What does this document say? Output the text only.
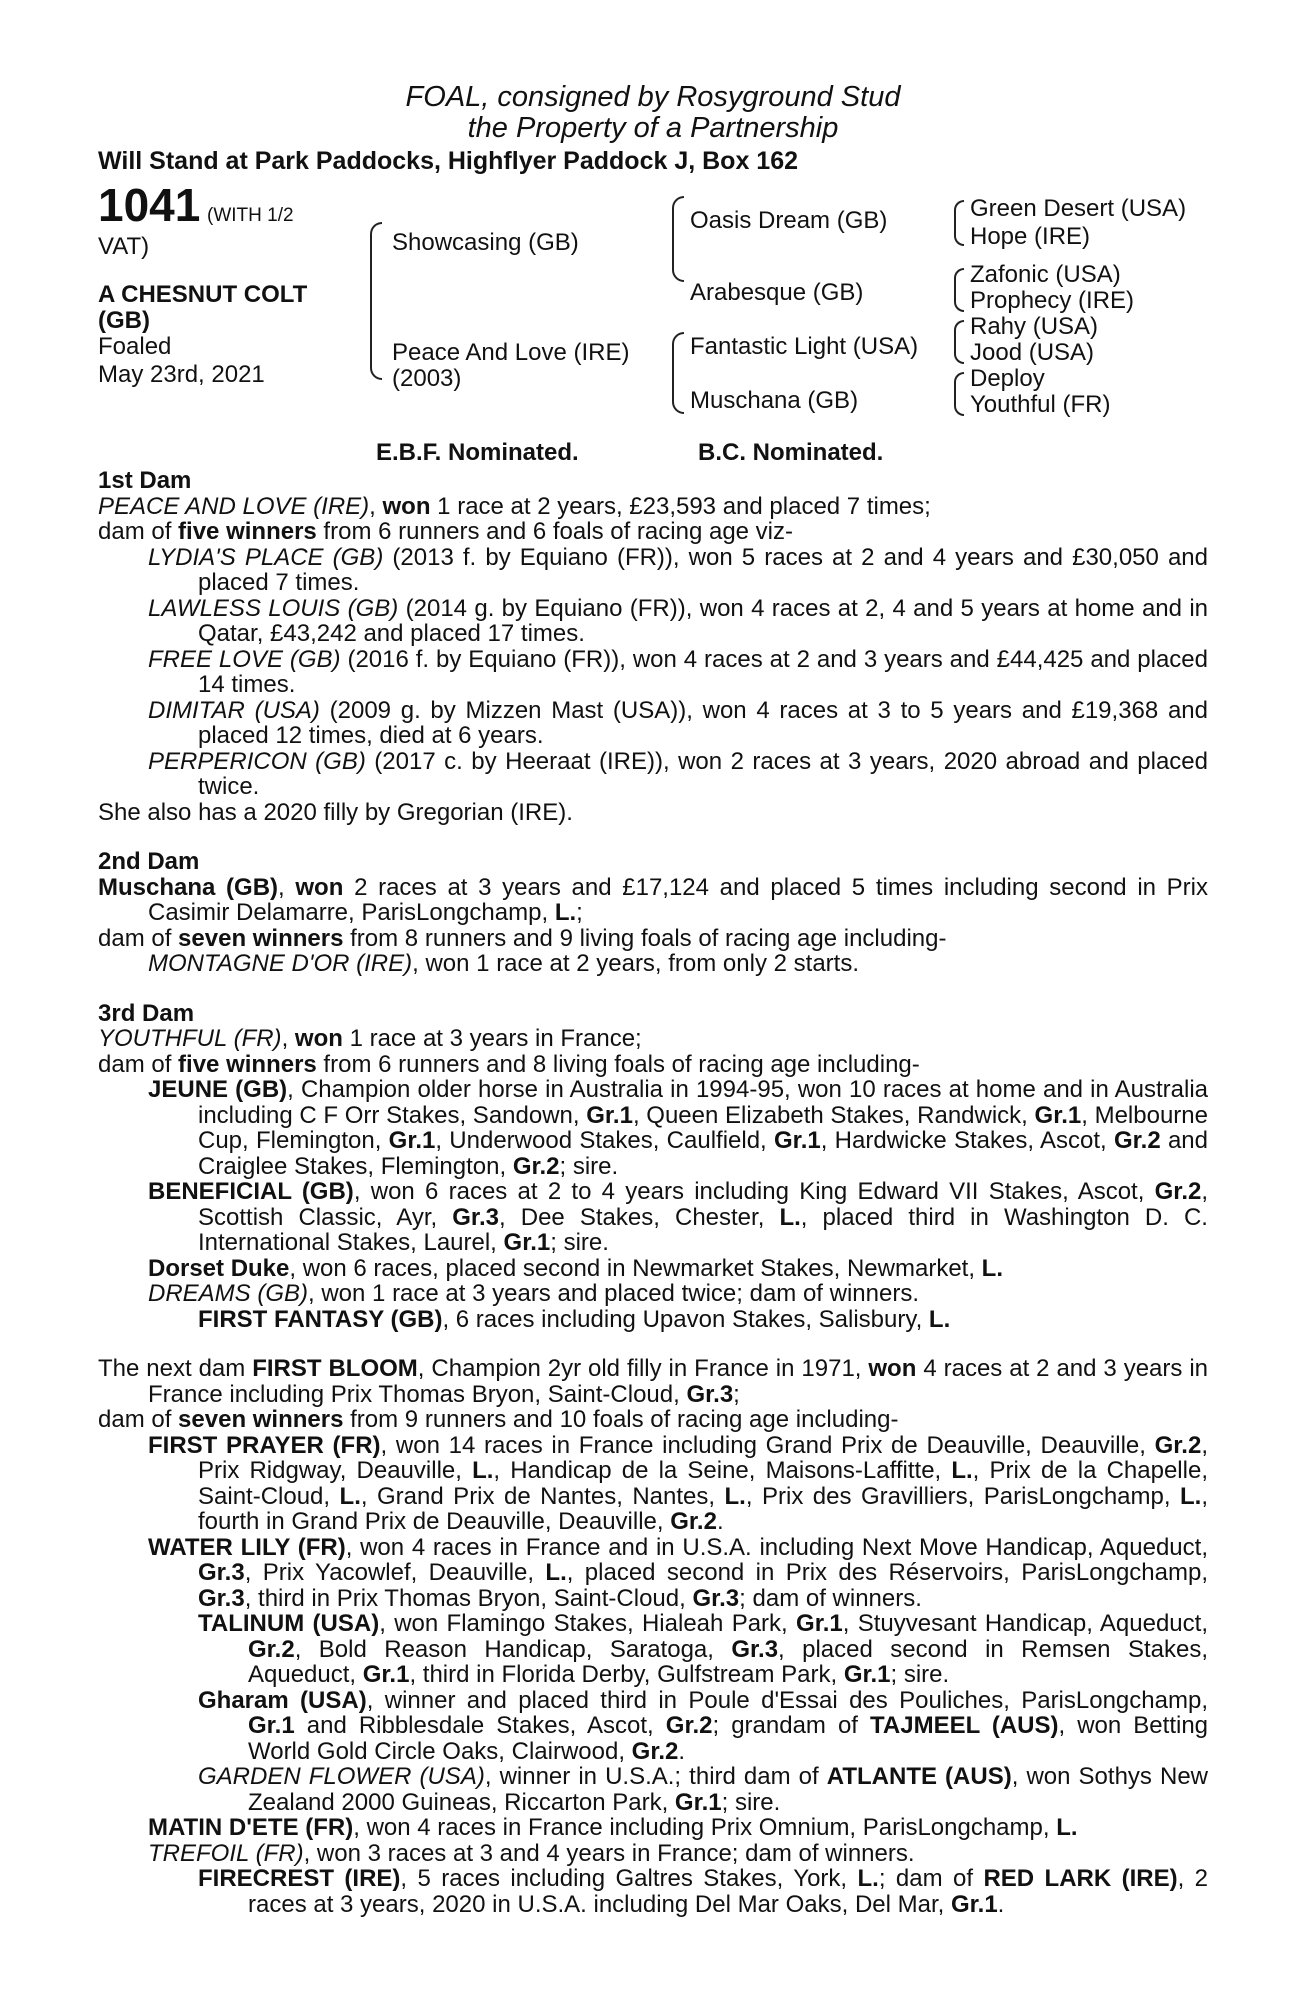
FOAL, consigned by Rosyground Stud
the Property of a Partnership
Will Stand at Park Paddocks, Highflyer Paddock J, Box 162
1041 (WITH 1/2
VAT)
A CHESNUT COLT
(GB)
Foaled
May 23rd, 2021
Showcasing (GB)
Peace And Love (IRE)
(2003)
Oasis Dream (GB)
Arabesque (GB)
Fantastic Light (USA)
Muschana (GB)
Green Desert (USA)
Hope (IRE)
Zafonic (USA)
Prophecy (IRE)
Rahy (USA)
Jood (USA)
Deploy
Youthful (FR)
E.B.F. Nominated.	B.C. Nominated.
1st Dam

PEACE AND LOVE (IRE), won 1 race at 2 years, £23,593 and placed 7 times;

dam of five winners from 6 runners and 6 foals of racing age viz-

LYDIA'S PLACE (GB) (2013 f. by Equiano (FR)), won 5 races at 2 and 4 years and £30,050 and placed 7 times.

LAWLESS LOUIS (GB) (2014 g. by Equiano (FR)), won 4 races at 2, 4 and 5 years at home and in Qatar, £43,242 and placed 17 times.

FREE LOVE (GB) (2016 f. by Equiano (FR)), won 4 races at 2 and 3 years and £44,425 and placed 14 times.

DIMITAR (USA) (2009 g. by Mizzen Mast (USA)), won 4 races at 3 to 5 years and £19,368 and placed 12 times, died at 6 years.

PERPERICON (GB) (2017 c. by Heeraat (IRE)), won 2 races at 3 years, 2020 abroad and placed twice.

She also has a 2020 filly by Gregorian (IRE).

2nd Dam

Muschana (GB), won 2 races at 3 years and £17,124 and placed 5 times including second in Prix Casimir Delamarre, ParisLongchamp, L.;

dam of seven winners from 8 runners and 9 living foals of racing age including-

MONTAGNE D'OR (IRE), won 1 race at 2 years, from only 2 starts.

3rd Dam

YOUTHFUL (FR), won 1 race at 3 years in France;

dam of five winners from 6 runners and 8 living foals of racing age including-

JEUNE (GB), Champion older horse in Australia in 1994-95, won 10 races at home and in Australia including C F Orr Stakes, Sandown, Gr.1, Queen Elizabeth Stakes, Randwick, Gr.1, Melbourne Cup, Flemington, Gr.1, Underwood Stakes, Caulfield, Gr.1, Hardwicke Stakes, Ascot, Gr.2 and Craiglee Stakes, Flemington, Gr.2; sire.

BENEFICIAL (GB), won 6 races at 2 to 4 years including King Edward VII Stakes, Ascot, Gr.2, Scottish Classic, Ayr, Gr.3, Dee Stakes, Chester, L., placed third in Washington D. C. International Stakes, Laurel, Gr.1; sire.

Dorset Duke, won 6 races, placed second in Newmarket Stakes, Newmarket, L.

DREAMS (GB), won 1 race at 3 years and placed twice; dam of winners.

FIRST FANTASY (GB), 6 races including Upavon Stakes, Salisbury, L.

The next dam FIRST BLOOM, Champion 2yr old filly in France in 1971, won 4 races at 2 and 3 years in France including Prix Thomas Bryon, Saint-Cloud, Gr.3;

dam of seven winners from 9 runners and 10 foals of racing age including-

FIRST PRAYER (FR), won 14 races in France including Grand Prix de Deauville, Deauville, Gr.2, Prix Ridgway, Deauville, L., Handicap de la Seine, Maisons-Laffitte, L., Prix de la Chapelle, Saint-Cloud, L., Grand Prix de Nantes, Nantes, L., Prix des Gravilliers, ParisLongchamp, L., fourth in Grand Prix de Deauville, Deauville, Gr.2.

WATER LILY (FR), won 4 races in France and in U.S.A. including Next Move Handicap, Aqueduct, Gr.3, Prix Yacowlef, Deauville, L., placed second in Prix des Réservoirs, ParisLongchamp, Gr.3, third in Prix Thomas Bryon, Saint-Cloud, Gr.3; dam of winners.

TALINUM (USA), won Flamingo Stakes, Hialeah Park, Gr.1, Stuyvesant Handicap, Aqueduct, Gr.2, Bold Reason Handicap, Saratoga, Gr.3, placed second in Remsen Stakes, Aqueduct, Gr.1, third in Florida Derby, Gulfstream Park, Gr.1; sire.

Gharam (USA), winner and placed third in Poule d'Essai des Pouliches, ParisLongchamp, Gr.1 and Ribblesdale Stakes, Ascot, Gr.2; grandam of TAJMEEL (AUS), won Betting World Gold Circle Oaks, Clairwood, Gr.2.

GARDEN FLOWER (USA), winner in U.S.A.; third dam of ATLANTE (AUS), won Sothys New Zealand 2000 Guineas, Riccarton Park, Gr.1; sire.

MATIN D'ETE (FR), won 4 races in France including Prix Omnium, ParisLongchamp, L.

TREFOIL (FR), won 3 races at 3 and 4 years in France; dam of winners.

FIRECREST (IRE), 5 races including Galtres Stakes, York, L.; dam of RED LARK (IRE), 2 races at 3 years, 2020 in U.S.A. including Del Mar Oaks, Del Mar, Gr.1.
